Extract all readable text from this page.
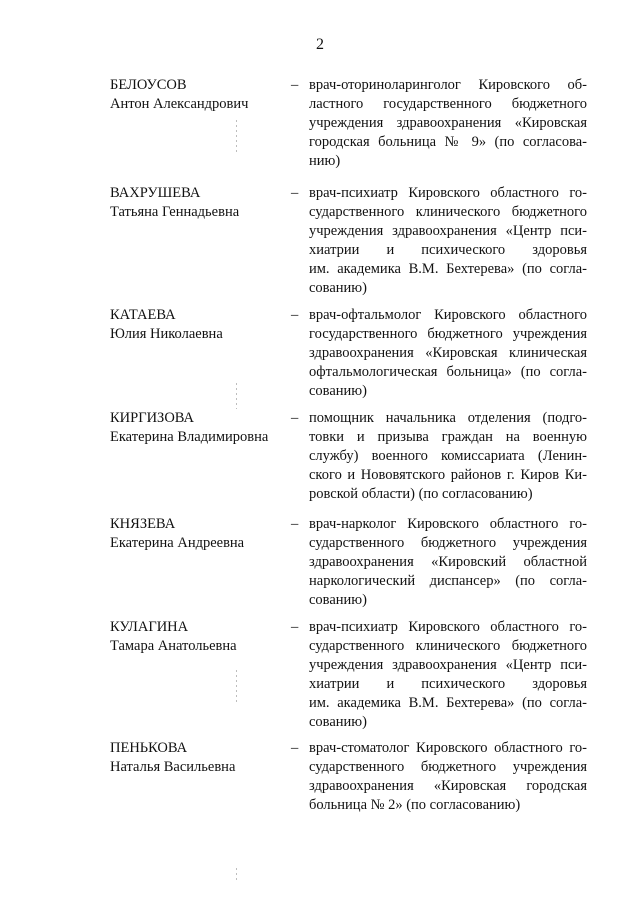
2
БЕЛОУСОВ
Антон Александрович
– врач-оториноларинголог Кировского об-
ластного государственного бюджетного
учреждения здравоохранения «Кировская
городская больница № 9» (по согласова-
нию)
ВАХРУШЕВА
Татьяна Геннадьевна
– врач-психиатр Кировского областного го-
сударственного клинического бюджетного
учреждения здравоохранения «Центр пси-
хиатрии и психического здоровья
им. академика В.М. Бехтерева» (по согла-
сованию)
КАТАЕВА
Юлия Николаевна
– врач-офтальмолог Кировского областного
государственного бюджетного учреждения
здравоохранения «Кировская клиническая
офтальмологическая больница» (по согла-
сованию)
КИРГИЗОВА
Екатерина Владимировна
– помощник начальника отделения (подго-
товки и призыва граждан на военную
службу) военного комиссариата (Ленин-
ского и Нововятского районов г. Киров Ки-
ровской области) (по согласованию)
КНЯЗЕВА
Екатерина Андреевна
– врач-нарколог Кировского областного го-
сударственного бюджетного учреждения
здравоохранения «Кировский областной
наркологический диспансер» (по согла-
сованию)
КУЛАГИНА
Тамара Анатольевна
– врач-психиатр Кировского областного го-
сударственного клинического бюджетного
учреждения здравоохранения «Центр пси-
хиатрии и психического здоровья
им. академика В.М. Бехтерева» (по согла-
сованию)
ПЕНЬКОВА
Наталья Васильевна
– врач-стоматолог Кировского областного го-
сударственного бюджетного учреждения
здравоохранения «Кировская городская
больница № 2» (по согласованию)
